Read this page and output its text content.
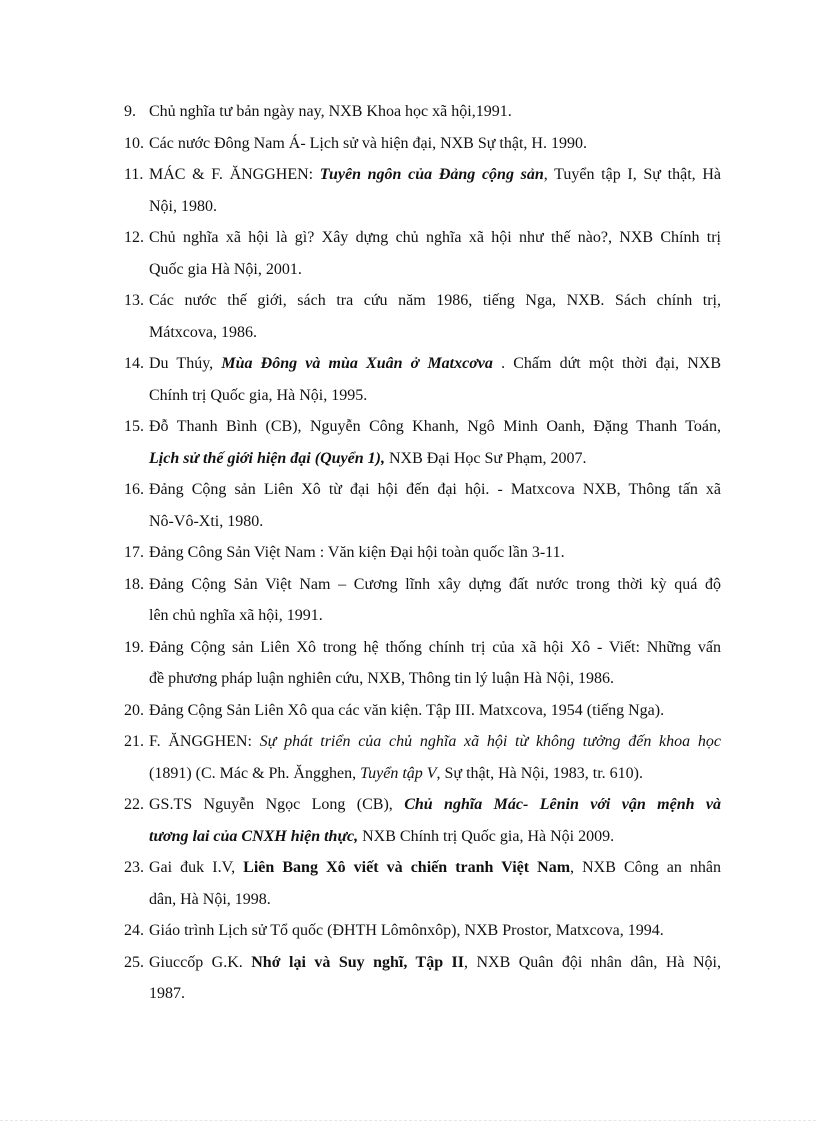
9. Chủ nghĩa tư bản ngày nay, NXB Khoa học xã hội,1991.
10. Các nước Đông Nam Á- Lịch sử và hiện đại, NXB Sự thật, H. 1990.
11. MÁC & F. ĂNGGHEN: Tuyên ngôn của Đảng cộng sản, Tuyển tập I, Sự thật, Hà
Nội, 1980.
12. Chủ nghĩa xã hội là gì? Xây dựng chủ nghĩa xã hội như thế nào?, NXB Chính trị
Quốc gia Hà Nội, 2001.
13. Các nước thế giới, sách tra cứu năm 1986, tiếng Nga, NXB. Sách chính trị,
Mátxcova, 1986.
14. Du Thúy, Mùa Đông và mùa Xuân ở Matxcơva . Chấm dứt một thời đại, NXB
Chính trị Quốc gia, Hà Nội, 1995.
15. Đỗ Thanh Bình (CB), Nguyễn Công Khanh, Ngô Minh Oanh, Đặng Thanh Toán,
Lịch sử thế giới hiện đại (Quyển 1), NXB Đại Học Sư Phạm, 2007.
16. Đảng Cộng sản Liên Xô từ đại hội đến đại hội. - Matxcova NXB, Thông tấn xã
Nô-Vô-Xti, 1980.
17. Đảng Công Sản Việt Nam : Văn kiện Đại hội toàn quốc lần 3-11.
18. Đảng Cộng Sản Việt Nam – Cương lĩnh xây dựng đất nước trong thời kỳ quá độ
lên chủ nghĩa xã hội, 1991.
19. Đảng Cộng sản Liên Xô trong hệ thống chính trị của xã hội Xô - Viết: Những vấn
đề phương pháp luận nghiên cứu, NXB, Thông tin lý luận Hà Nội, 1986.
20. Đảng Cộng Sản Liên Xô qua các văn kiện. Tập III. Matxcova, 1954 (tiếng Nga).
21. F. ĂNGGHEN: Sự phát triển của chủ nghĩa xã hội từ không tưởng đến khoa học
(1891) (C. Mác & Ph. Ăngghen, Tuyển tập V, Sự thật, Hà Nội, 1983, tr. 610).
22. GS.TS Nguyễn Ngọc Long (CB), Chủ nghĩa Mác- Lênin với vận mệnh và
tương lai của CNXH hiện thực, NXB Chính trị Quốc gia, Hà Nội 2009.
23. Gai đuk I.V, Liên Bang Xô viết và chiến tranh Việt Nam, NXB Công an nhân
dân, Hà Nội, 1998.
24. Giáo trình Lịch sử Tổ quốc (ĐHTH Lômônxôp), NXB Prostor, Matxcova, 1994.
25. Giuccốp G.K. Nhớ lại và Suy nghĩ, Tập II, NXB Quân đội nhân dân, Hà Nội,
1987.
